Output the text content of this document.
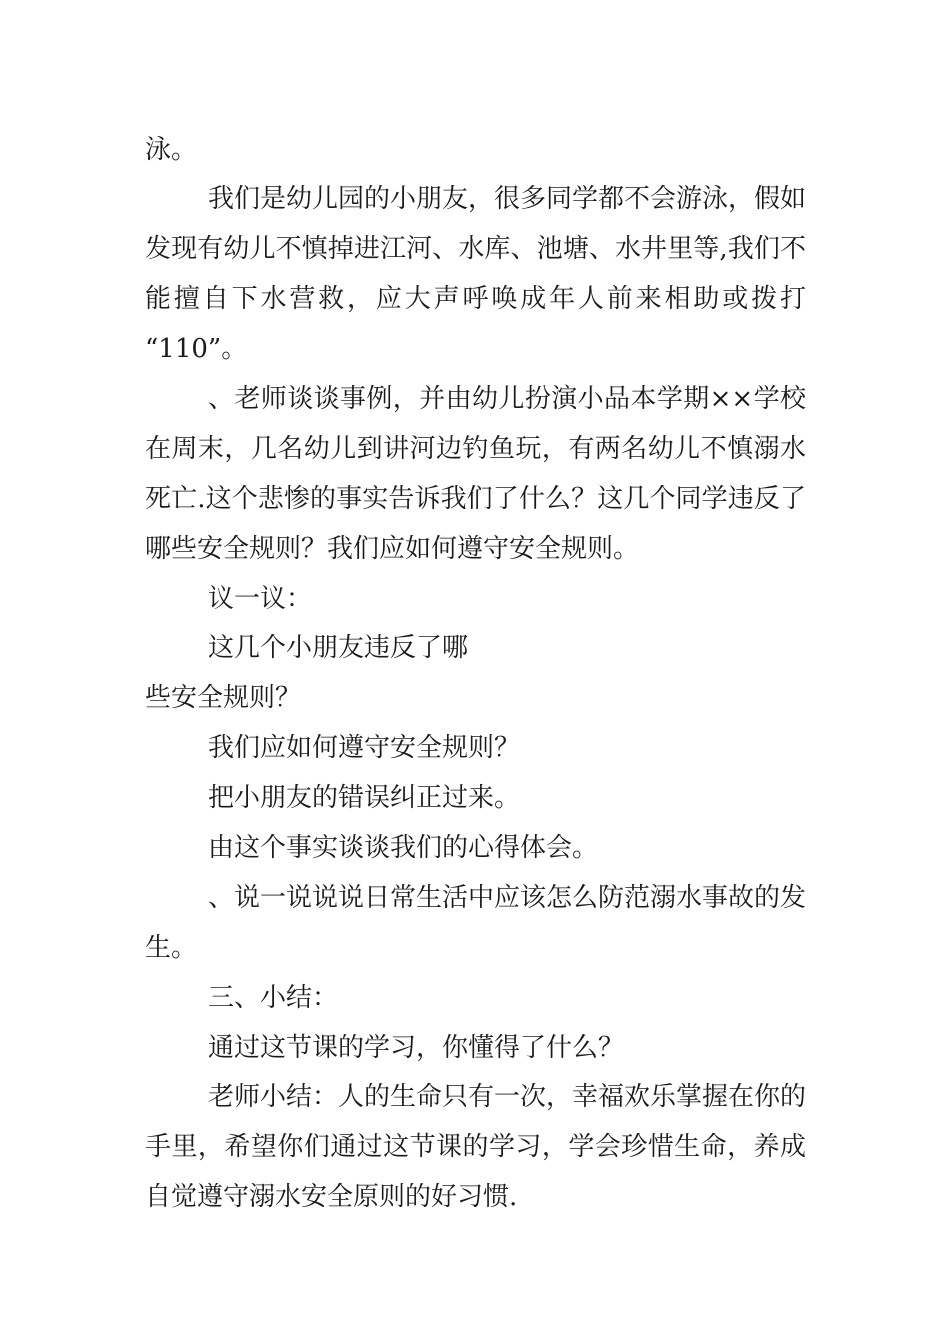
泳。
我们是幼儿园的小朋友，很多同学都不会游泳，假如
发现有幼儿不慎掉进江河、水库、池塘、水井里等,我们不
能擅自下水营救，应大声呼唤成年人前来相助或拨打
“110”。
、老师谈谈事例，并由幼儿扮演小品本学期××学校
在周末，几名幼儿到讲河边钓鱼玩，有两名幼儿不慎溺水
死亡.这个悲惨的事实告诉我们了什么？这几个同学违反了
哪些安全规则？我们应如何遵守安全规则。
议一议：
这几个小朋友违反了哪
些安全规则？
我们应如何遵守安全规则？
把小朋友的错误纠正过来。
由这个事实谈谈我们的心得体会。
、说一说说说日常生活中应该怎么防范溺水事故的发
生。
三、小结：
通过这节课的学习，你懂得了什么？
老师小结：人的生命只有一次，幸福欢乐掌握在你的
手里，希望你们通过这节课的学习，学会珍惜生命，养成
自觉遵守溺水安全原则的好习惯.
